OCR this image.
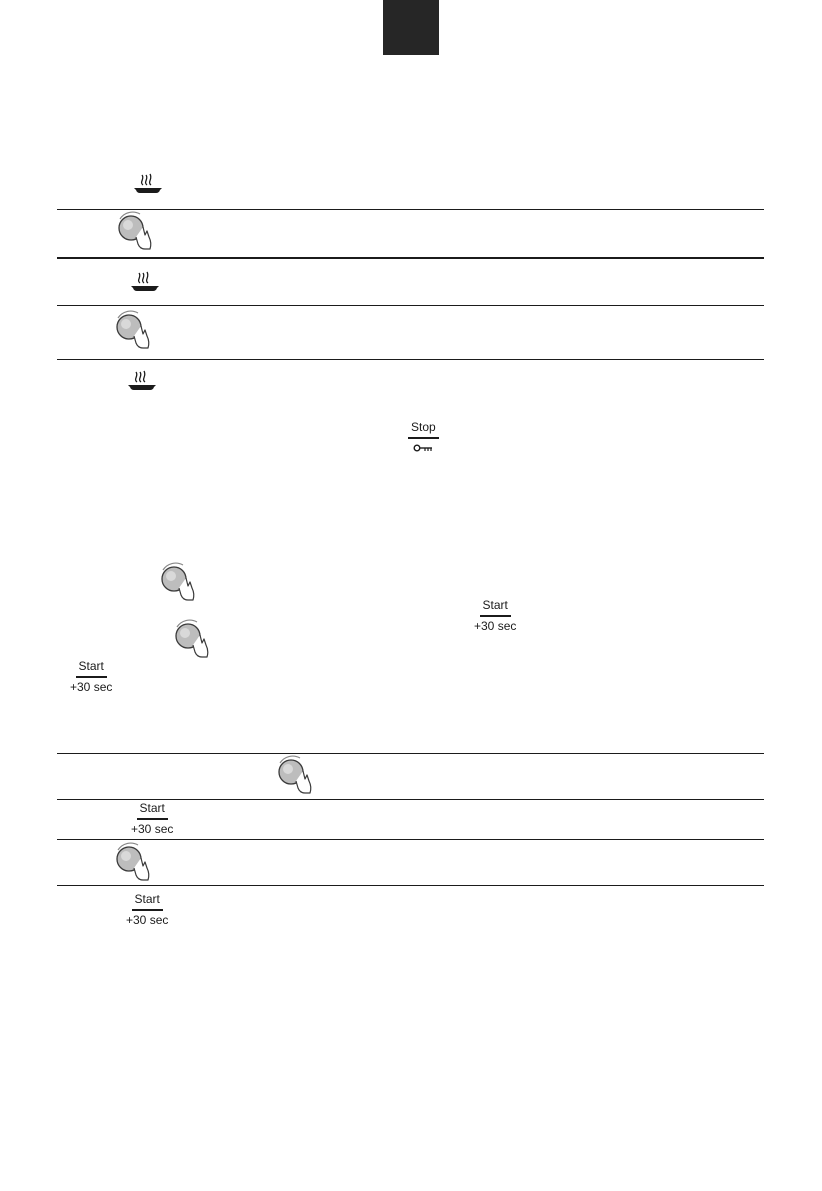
Stop
Start
+30 sec
Start
+30 sec
Start
+30 sec
Start
+30 sec
